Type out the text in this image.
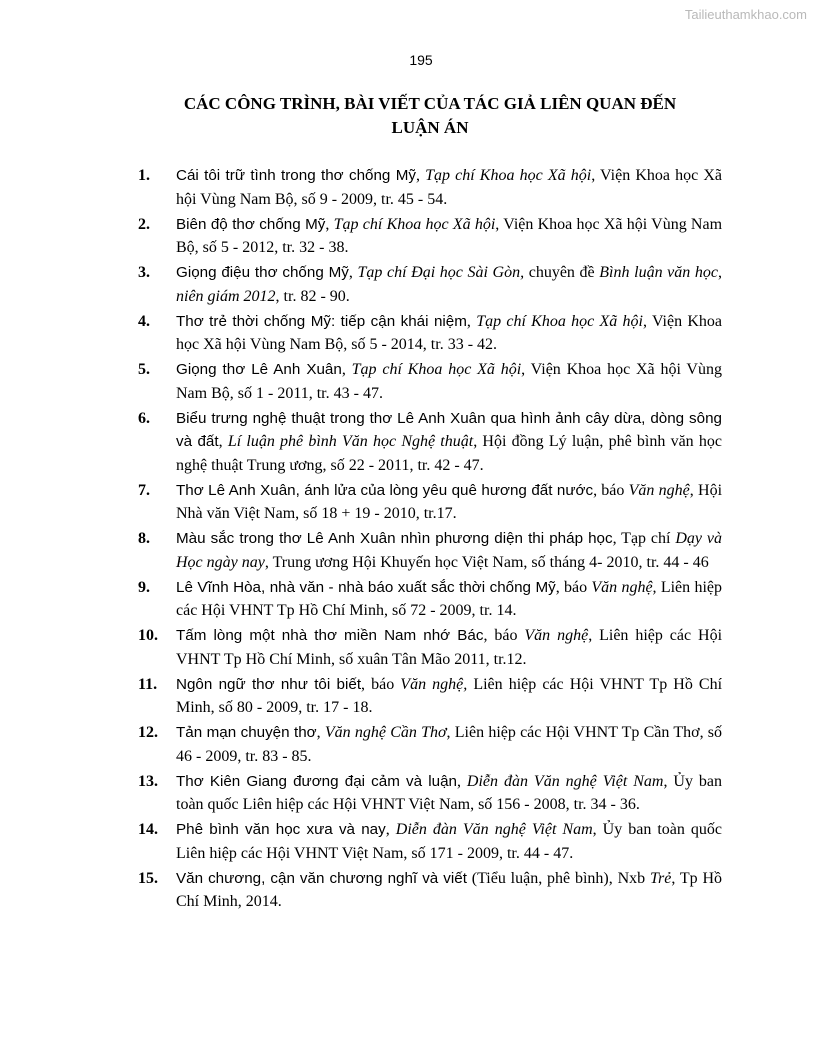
Tailieuthamkhao.com
195
CÁC CÔNG TRÌNH, BÀI VIẾT CỦA TÁC GIẢ LIÊN QUAN ĐẾN
LUẬN ÁN
1. Cái tôi trữ tình trong thơ chống Mỹ, Tạp chí Khoa học Xã hội, Viện Khoa học Xã hội Vùng Nam Bộ, số 9 - 2009, tr. 45 - 54.
2. Biên độ thơ chống Mỹ, Tạp chí Khoa học Xã hội, Viện Khoa học Xã hội Vùng Nam Bộ, số 5 - 2012, tr. 32 - 38.
3. Giọng điệu thơ chống Mỹ, Tạp chí Đại học Sài Gòn, chuyên đề Bình luận văn học, niên giám 2012, tr. 82 - 90.
4. Thơ trẻ thời chống Mỹ: tiếp cận khái niệm, Tạp chí Khoa học Xã hội, Viện Khoa học Xã hội Vùng Nam Bộ, số 5 - 2014, tr. 33 - 42.
5. Giọng thơ Lê Anh Xuân, Tạp chí Khoa học Xã hội, Viện Khoa học Xã hội Vùng Nam Bộ, số 1 - 2011, tr. 43 - 47.
6. Biểu trưng nghệ thuật trong thơ Lê Anh Xuân qua hình ảnh cây dừa, dòng sông và đất, Lí luận phê bình Văn học Nghệ thuật, Hội đồng Lý luận, phê bình văn học nghệ thuật Trung ương, số 22 - 2011, tr. 42 - 47.
7. Thơ Lê Anh Xuân, ánh lửa của lòng yêu quê hương đất nước, báo Văn nghệ, Hội Nhà văn Việt Nam, số 18 + 19 - 2010, tr.17.
8. Màu sắc trong thơ Lê Anh Xuân nhìn phương diện thi pháp học, Tạp chí Dạy và Học ngày nay, Trung ương Hội Khuyến học Việt Nam, số tháng 4- 2010, tr. 44 - 46
9. Lê Vĩnh Hòa, nhà văn - nhà báo xuất sắc thời chống Mỹ, báo Văn nghệ, Liên hiệp các Hội VHNT Tp Hồ Chí Minh, số 72 - 2009, tr. 14.
10. Tấm lòng một nhà thơ miền Nam nhớ Bác, báo Văn nghệ, Liên hiệp các Hội VHNT Tp Hồ Chí Minh, số xuân Tân Mão 2011, tr.12.
11. Ngôn ngữ thơ như tôi biết, báo Văn nghệ, Liên hiệp các Hội VHNT Tp Hồ Chí Minh, số 80 - 2009, tr. 17 - 18.
12. Tản mạn chuyện thơ, Văn nghệ Cần Thơ, Liên hiệp các Hội VHNT Tp Cần Thơ, số 46 - 2009, tr. 83 - 85.
13. Thơ Kiên Giang đương đại cảm và luận, Diễn đàn Văn nghệ Việt Nam, Ủy ban toàn quốc Liên hiệp các Hội VHNT Việt Nam, số 156 - 2008, tr. 34 - 36.
14. Phê bình văn học xưa và nay, Diễn đàn Văn nghệ Việt Nam, Ủy ban toàn quốc Liên hiệp các Hội VHNT Việt Nam, số 171 - 2009, tr. 44 - 47.
15. Văn chương, cận văn chương nghĩ và viết (Tiểu luận, phê bình), Nxb Trẻ, Tp Hồ Chí Minh, 2014.
